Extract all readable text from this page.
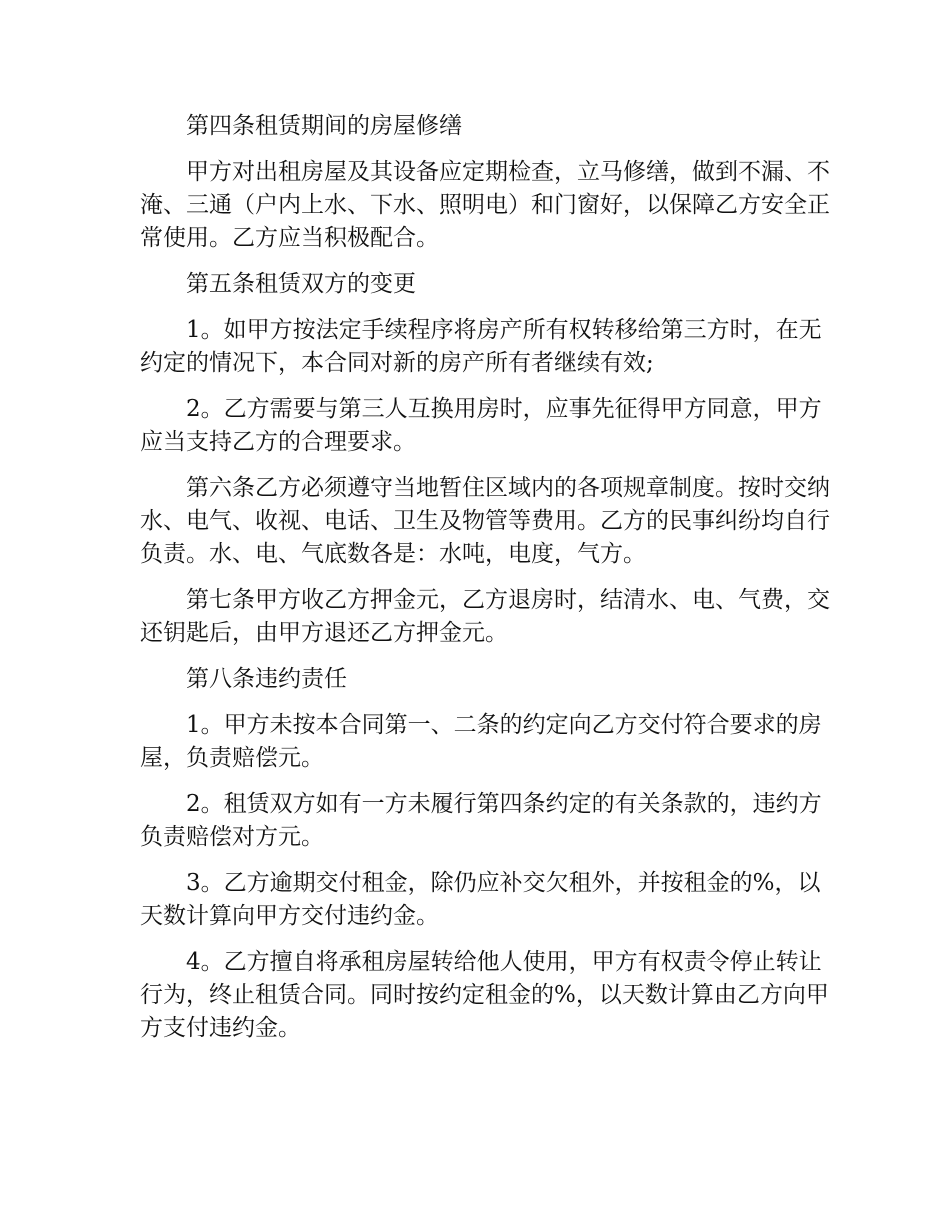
第四条租赁期间的房屋修缮

甲方对出租房屋及其设备应定期检查，立马修缮，做到不漏、不淹、三通（户内上水、下水、照明电）和门窗好，以保障乙方安全正常使用。乙方应当积极配合。

第五条租赁双方的变更

1。如甲方按法定手续程序将房产所有权转移给第三方时，在无约定的情况下，本合同对新的房产所有者继续有效;

2。乙方需要与第三人互换用房时，应事先征得甲方同意，甲方应当支持乙方的合理要求。

第六条乙方必须遵守当地暂住区域内的各项规章制度。按时交纳水、电气、收视、电话、卫生及物管等费用。乙方的民事纠纷均自行负责。水、电、气底数各是：水吨，电度，气方。

第七条甲方收乙方押金元，乙方退房时，结清水、电、气费，交还钥匙后，由甲方退还乙方押金元。

第八条违约责任

1。甲方未按本合同第一、二条的约定向乙方交付符合要求的房屋，负责赔偿元。

2。租赁双方如有一方未履行第四条约定的有关条款的，违约方负责赔偿对方元。

3。乙方逾期交付租金，除仍应补交欠租外，并按租金的%，以天数计算向甲方交付违约金。

4。乙方擅自将承租房屋转给他人使用，甲方有权责令停止转让行为，终止租赁合同。同时按约定租金的%，以天数计算由乙方向甲方支付违约金。
